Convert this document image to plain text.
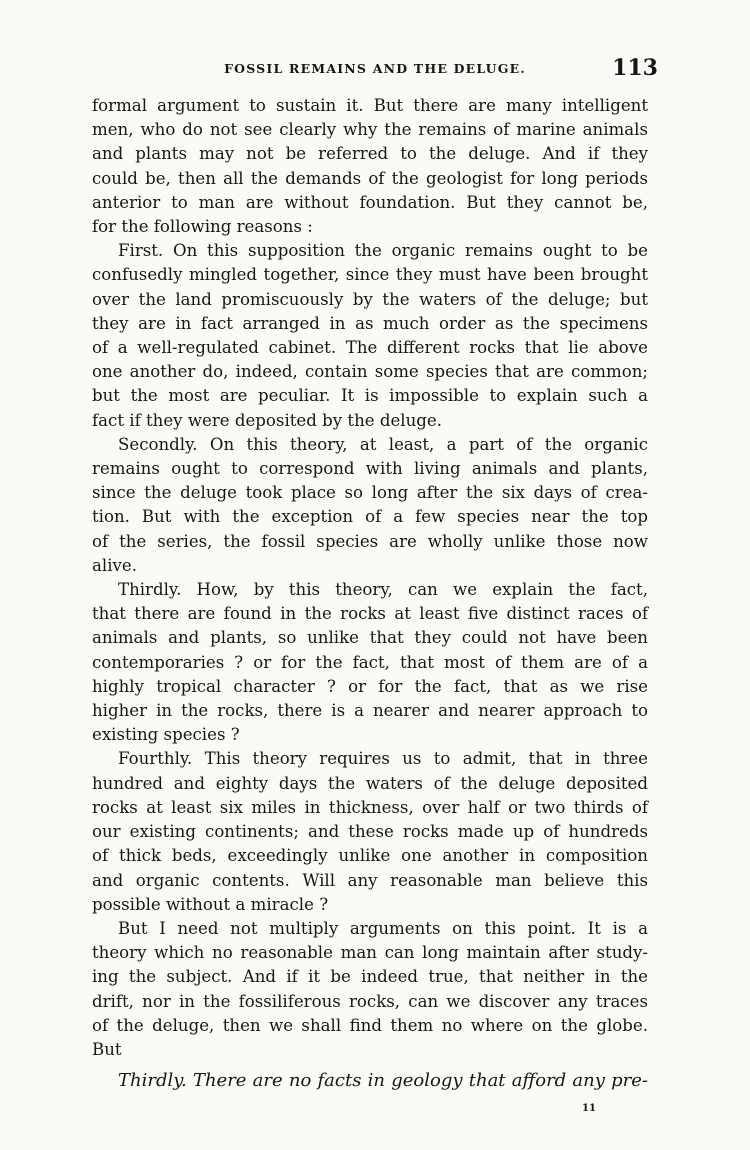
FOSSIL REMAINS AND THE DELUGE.	113

formal argument to sustain it. But there are many intelligent
men, who do not see clearly why the remains of marine animals
and plants may not be referred to the deluge. And if they
could be, then all the demands of the geologist for long periods
anterior to man are without foundation. But they cannot be,
for the following reasons :

First. On this supposition the organic remains ought to be
confusedly mingled together, since they must have been brought
over the land promiscuously by the waters of the deluge; but
they are in fact arranged in as much order as the specimens
of a well-regulated cabinet. The different rocks that lie above
one another do, indeed, contain some species that are common;
but the most are peculiar. It is impossible to explain such a
fact if they were deposited by the deluge.

Secondly. On this theory, at least, a part of the organic
remains ought to correspond with living animals and plants,
since the deluge took place so long after the six days of crea-
tion. But with the exception of a few species near the top
of the series, the fossil species are wholly unlike those now
alive.

Thirdly. How, by this theory, can we explain the fact,
that there are found in the rocks at least five distinct races of
animals and plants, so unlike that they could not have been
contemporaries ? or for the fact, that most of them are of a
highly tropical character ? or for the fact, that as we rise
higher in the rocks, there is a nearer and nearer approach to
existing species ?

Fourthly. This theory requires us to admit, that in three
hundred and eighty days the waters of the deluge deposited
rocks at least six miles in thickness, over half or two thirds of
our existing continents; and these rocks made up of hundreds
of thick beds, exceedingly unlike one another in composition
and organic contents. Will any reasonable man believe this
possible without a miracle ?

But I need not multiply arguments on this point. It is a
theory which no reasonable man can long maintain after study-
ing the subject. And if it be indeed true, that neither in the
drift, nor in the fossiliferous rocks, can we discover any traces
of the deluge, then we shall find them no where on the globe.
But

Thirdly. There are no facts in geology that afford any pre-
11
